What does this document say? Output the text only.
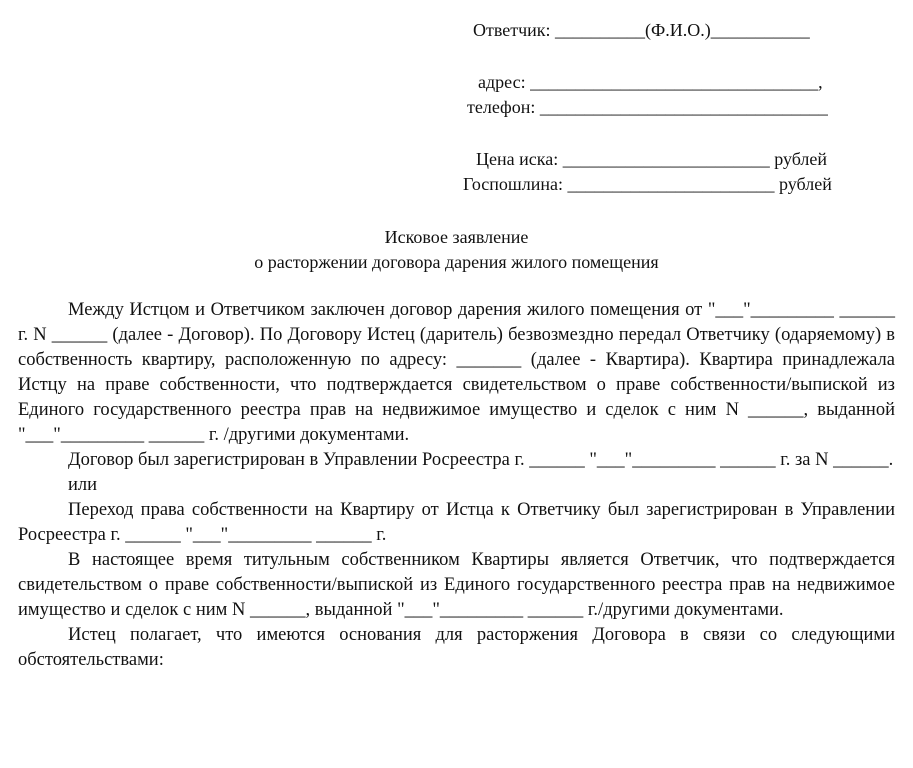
Ответчик: __________(Ф.И.О.)___________
адрес: ________________________________,
телефон: ________________________________
Цена иска: _______________________ рублей
Госпошлина: _______________________ рублей
Исковое заявление
о расторжении договора дарения жилого помещения

Между Истцом и Ответчиком заключен договор дарения жилого помещения от "___"_________ ______ г. N ______ (далее - Договор). По Договору Истец (даритель) безвозмездно передал Ответчику (одаряемому) в собственность квартиру, расположенную по адресу: _______ (далее - Квартира). Квартира принадлежала Истцу на праве собственности, что подтверждается свидетельством о праве собственности/выпиской из Единого государственного реестра прав на недвижимое имущество и сделок с ним N ______, выданной "___"_________ ______ г. /другими документами.

Договор был зарегистрирован в Управлении Росреестра г. ______ "___"_________ ______ г. за N ______.

или

Переход права собственности на Квартиру от Истца к Ответчику был зарегистрирован в Управлении Росреестра г. ______ "___"_________ ______ г.

В настоящее время титульным собственником Квартиры является Ответчик, что подтверждается свидетельством о праве собственности/выпиской из Единого государственного реестра прав на недвижимое имущество и сделок с ним N ______, выданной "___"_________ ______ г./другими документами.

Истец полагает, что имеются основания для расторжения Договора в связи со следующими обстоятельствами:
